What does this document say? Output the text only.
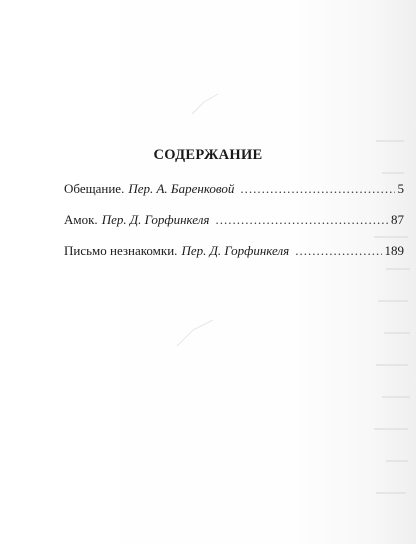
СОДЕРЖАНИЕ
Обещание. Пер. А. Баренковой .....	5
Амок. Пер. Д. Горфинкеля .....	87
Письмо незнакомки. Пер. Д. Горфинкеля .....	189
